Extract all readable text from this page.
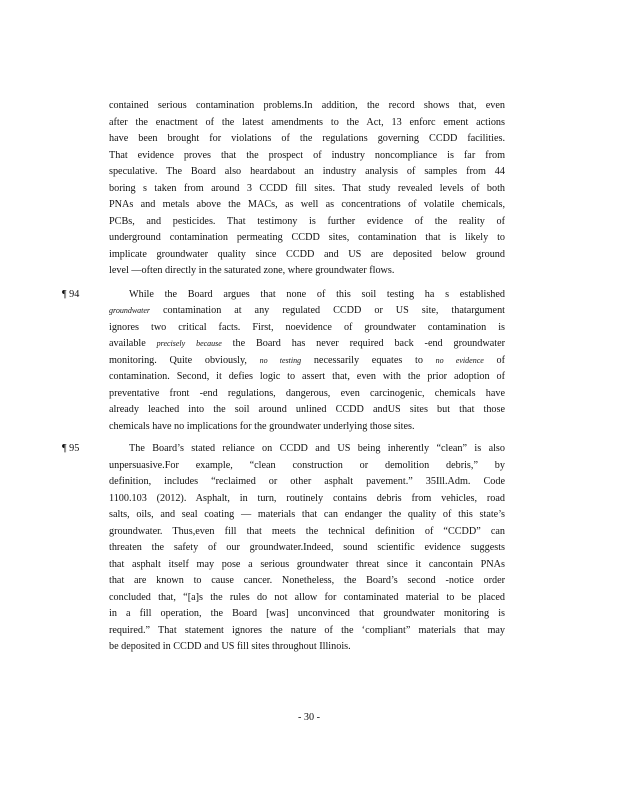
contained serious contamination problems.In addition, the record shows that, even
after the enactment of the latest amendments to the Act, 13 enforc ement actions
have been brought for violations of the regulations governing CCDD facilities.
That evidence proves that the prospect of industry noncompliance is far from
speculative. The Board also heardabout an industry analysis of samples from 44
boring s taken from around 3 CCDD fill sites. That study revealed levels of both
PNAs and metals above the MACs, as well as concentrations of volatile chemicals,
PCBs, and pesticides. That testimony is further evidence of the reality of
underground contamination permeating CCDD sites, contamination that is likely to
implicate groundwater quality since CCDD and US are deposited below ground
level —often directly in the saturated zone, where groundwater flows.
¶ 94	While the Board argues that none of this soil testing ha s established
groundwater contamination at any regulated CCDD or US site, thatargument
ignores two critical facts. First, noevidence of groundwater contamination is
available precisely because the Board has never required back -end groundwater
monitoring. Quite obviously, no testing necessarily equates to no evidence of
contamination. Second, it defies logic to assert that, even with the prior adoption of
preventative front -end regulations, dangerous, even carcinogenic, chemicals have
already leached into the soil around unlined CCDD andUS sites but that those
chemicals have no implications for the groundwater underlying those sites.
¶ 95	The Board’s stated reliance on CCDD and US being inherently “clean” is also
unpersuasive.For example, “clean construction or demolition debris,” by
definition, includes “reclaimed or other asphalt pavement.” 35Ill.Adm. Code
1100.103 (2012). Asphalt, in turn, routinely contains debris from vehicles, road
salts, oils, and seal coating — materials that can endanger the quality of this state’s
groundwater. Thus,even fill that meets the technical definition of “CCDD” can
threaten the safety of our groundwater.Indeed, sound scientific evidence suggests
that asphalt itself may pose a serious groundwater threat since it cancontain PNAs
that are known to cause cancer. Nonetheless, the Board’s second -notice order
concluded that, “[a]s the rules do not allow for contaminated material to be placed
in a fill operation, the Board [was] unconvinced that groundwater monitoring is
required.” That statement ignores the nature of the ‘compliant” materials that may
be deposited in CCDD and US fill sites throughout Illinois.
- 30 -
